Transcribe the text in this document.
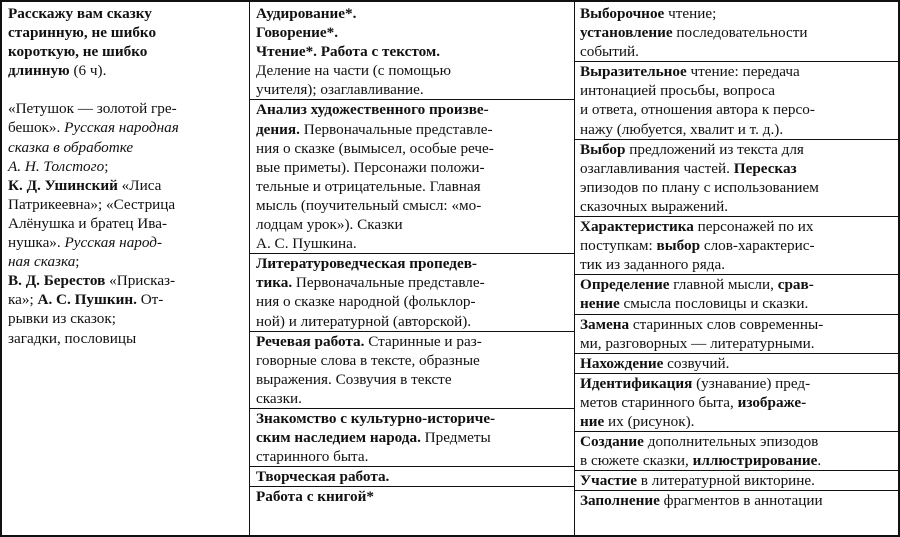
Расскажу вам сказку
старинную, не шибко
короткую, не шибко
длинную (6 ч).
«Петушок — золотой гре-
бешок». Русская народная
сказка в обработке
А. Н. Толстого;
К. Д. Ушинский «Лиса
Патрикеевна»; «Сестрица
Алёнушка и братец Ива-
нушка». Русская народ-
ная сказка;
В. Д. Берестов «Присказ-
ка»; А. С. Пушкин. От-
рывки из сказок;
загадки, пословицы
Аудирование*.
Говорение*.
Чтение*. Работа с текстом.
Деление на части (с помощью
учителя); озаглавливание.
Анализ художественного произве-
дения. Первоначальные представле-
ния о сказке (вымысел, особые рече-
вые приметы). Персонажи положи-
тельные и отрицательные. Главная
мысль (поучительный смысл: «мо-
лодцам урок»). Сказки
А. С. Пушкина.
Литературоведческая пропедев-
тика. Первоначальные представле-
ния о сказке народной (фольклор-
ной) и литературной (авторской).
Речевая работа. Старинные и раз-
говорные слова в тексте, образные
выражения. Созвучия в тексте
сказки.
Знакомство с культурно-историче-
ским наследием народа. Предметы
старинного быта.
Творческая работа.
Работа с книгой*
Выборочное чтение;
установление последовательности
событий.
Выразительное чтение: передача
интонацией просьбы, вопроса
и ответа, отношения автора к персо-
нажу (любуется, хвалит и т. д.).
Выбор предложений из текста для
озаглавливания частей. Пересказ
эпизодов по плану с использованием
сказочных выражений.
Характеристика персонажей по их
поступкам: выбор слов-характерис-
тик из заданного ряда.
Определение главной мысли, срав-
нение смысла пословицы и сказки.
Замена старинных слов современны-
ми, разговорных — литературными.
Нахождение созвучий.
Идентификация (узнавание) пред-
метов старинного быта, изображе-
ние их (рисунок).
Создание дополнительных эпизодов
в сюжете сказки, иллюстрирование.
Участие в литературной викторине.
Заполнение фрагментов в аннотации
